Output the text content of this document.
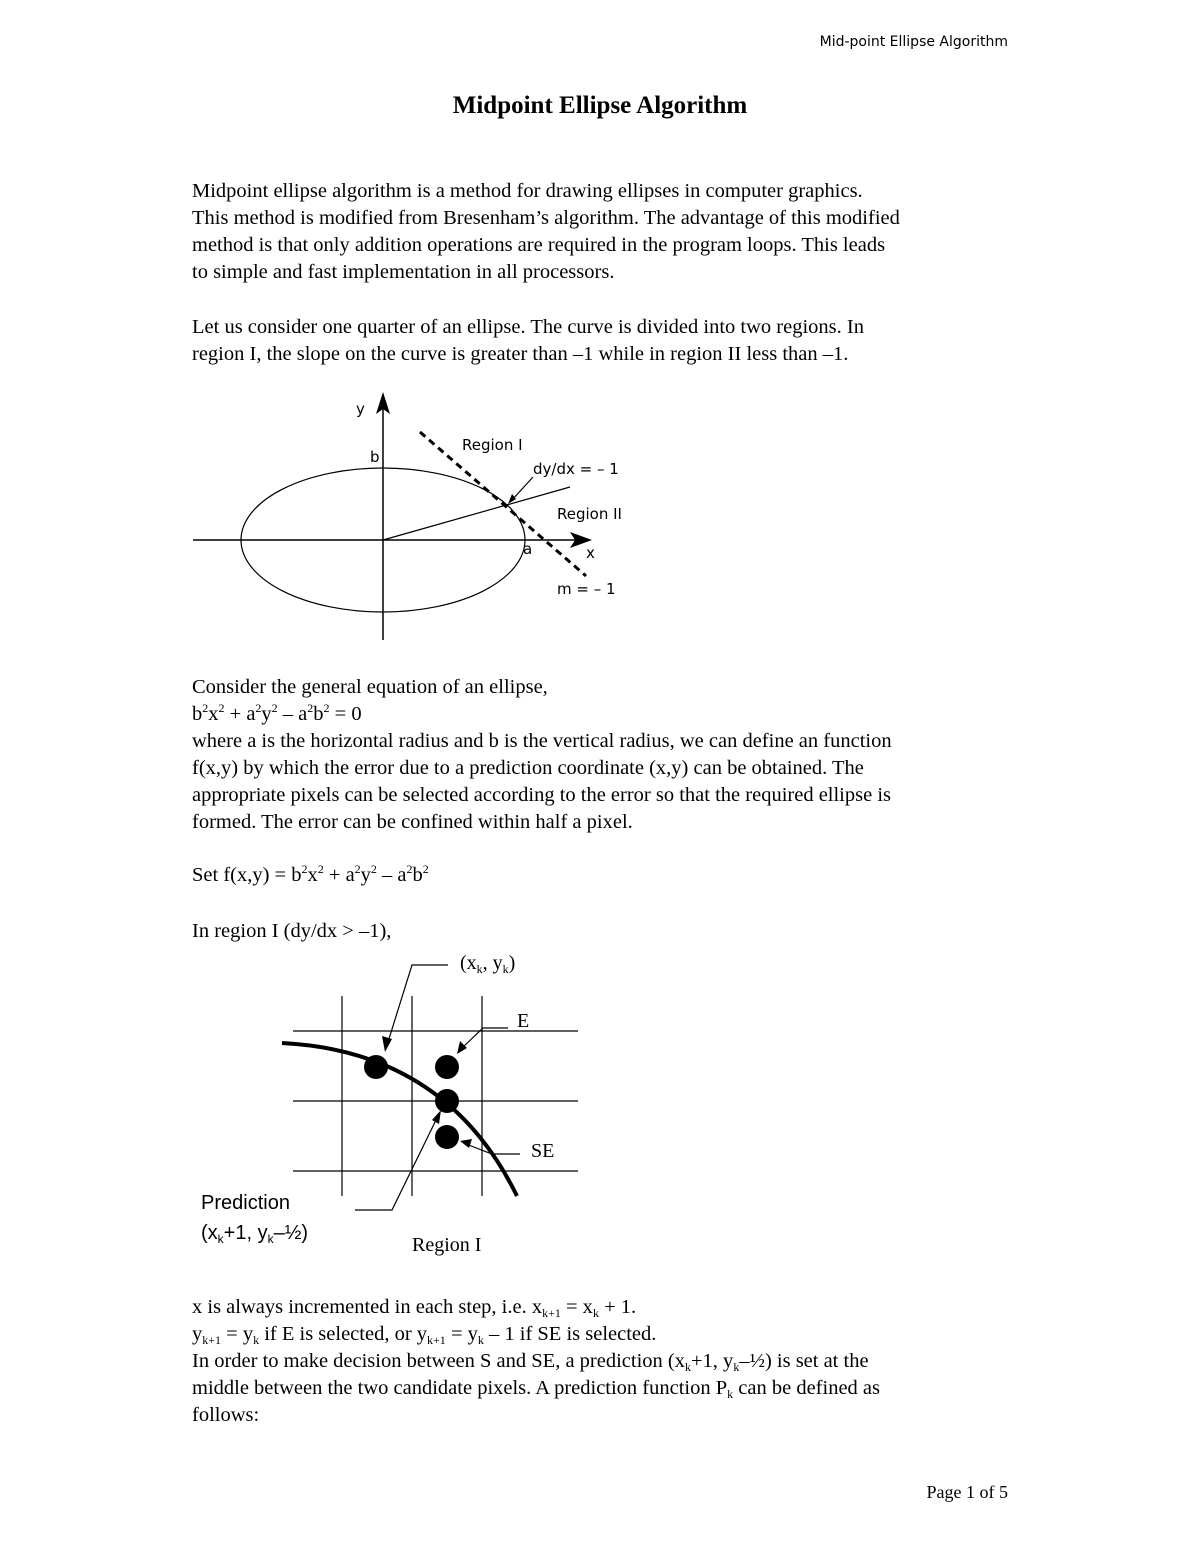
Mid-point Ellipse Algorithm
Midpoint Ellipse Algorithm
Midpoint ellipse algorithm is a method for drawing ellipses in computer graphics.
This method is modified from Bresenham’s algorithm. The advantage of this modified
method is that only addition operations are required in the program loops. This leads
to simple and fast implementation in all processors.
Let us consider one quarter of an ellipse. The curve is divided into two regions. In
region I, the slope on the curve is greater than –1 while in region II less than –1.
y
x
b
a
Region I
Region II
dy/dx = – 1
m = – 1
($x_k$, $y_k$)
E
SE
Prediction
($x_k+1$, $y_k-\frac{1}{2}$)
Region I
Consider the general equation of an ellipse,
$b^2x^2 + a^2y^2 - a^2b^2 = 0$
where a is the horizontal radius and b is the vertical radius, we can define an function
f(x,y) by which the error due to a prediction coordinate (x,y) can be obtained. The
appropriate pixels can be selected according to the error so that the required ellipse is
formed. The error can be confined within half a pixel.
Set $f(x,y) = b^2x^2 + a^2y^2 - a^2b^2$
In region I (dy/dx > –1),
x is always incremented in each step, i.e. $x_{k+1} = x_k + 1$.
$y_{k+1} = y_k$ if E is selected, or $y_{k+1} = y_k - 1$ if SE is selected.
In order to make decision between S and SE, a prediction ($x_k+1$, $y_k-\frac{1}{2}$) is set at the
middle between the two candidate pixels. A prediction function $P_k$ can be defined as
follows:
Page 1 of 5
